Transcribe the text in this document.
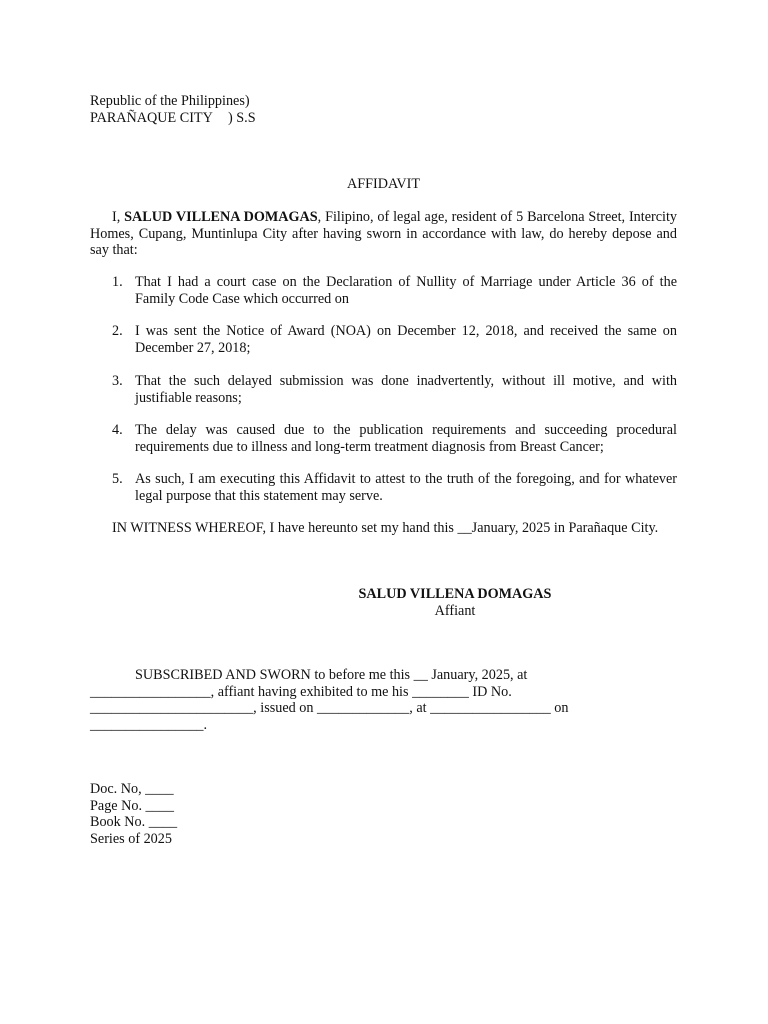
Republic of the Philippines)
PARAÑAQUE CITY ) S.S
AFFIDAVIT
I, SALUD VILLENA DOMAGAS, Filipino, of legal age, resident of 5 Barcelona Street, Intercity Homes, Cupang, Muntinlupa City after having sworn in accordance with law, do hereby depose and say that:
1. That I had a court case on the Declaration of Nullity of Marriage under Article 36 of the Family Code Case which occurred on
2. I was sent the Notice of Award (NOA) on December 12, 2018, and received the same on December 27, 2018;
3. That the such delayed submission was done inadvertently, without ill motive, and with justifiable reasons;
4. The delay was caused due to the publication requirements and succeeding procedural requirements due to illness and long-term treatment diagnosis from Breast Cancer;
5. As such, I am executing this Affidavit to attest to the truth of the foregoing, and for whatever legal purpose that this statement may serve.
IN WITNESS WHEREOF, I have hereunto set my hand this __January, 2025 in Parañaque City.
SALUD VILLENA DOMAGAS
Affiant
SUBSCRIBED AND SWORN to before me this __ January, 2025, at _________________, affiant having exhibited to me his ________ ID No. _______________________, issued on _____________, at _________________ on ________________.
Doc. No, ____
Page No. ____
Book No. ____
Series of 2025
